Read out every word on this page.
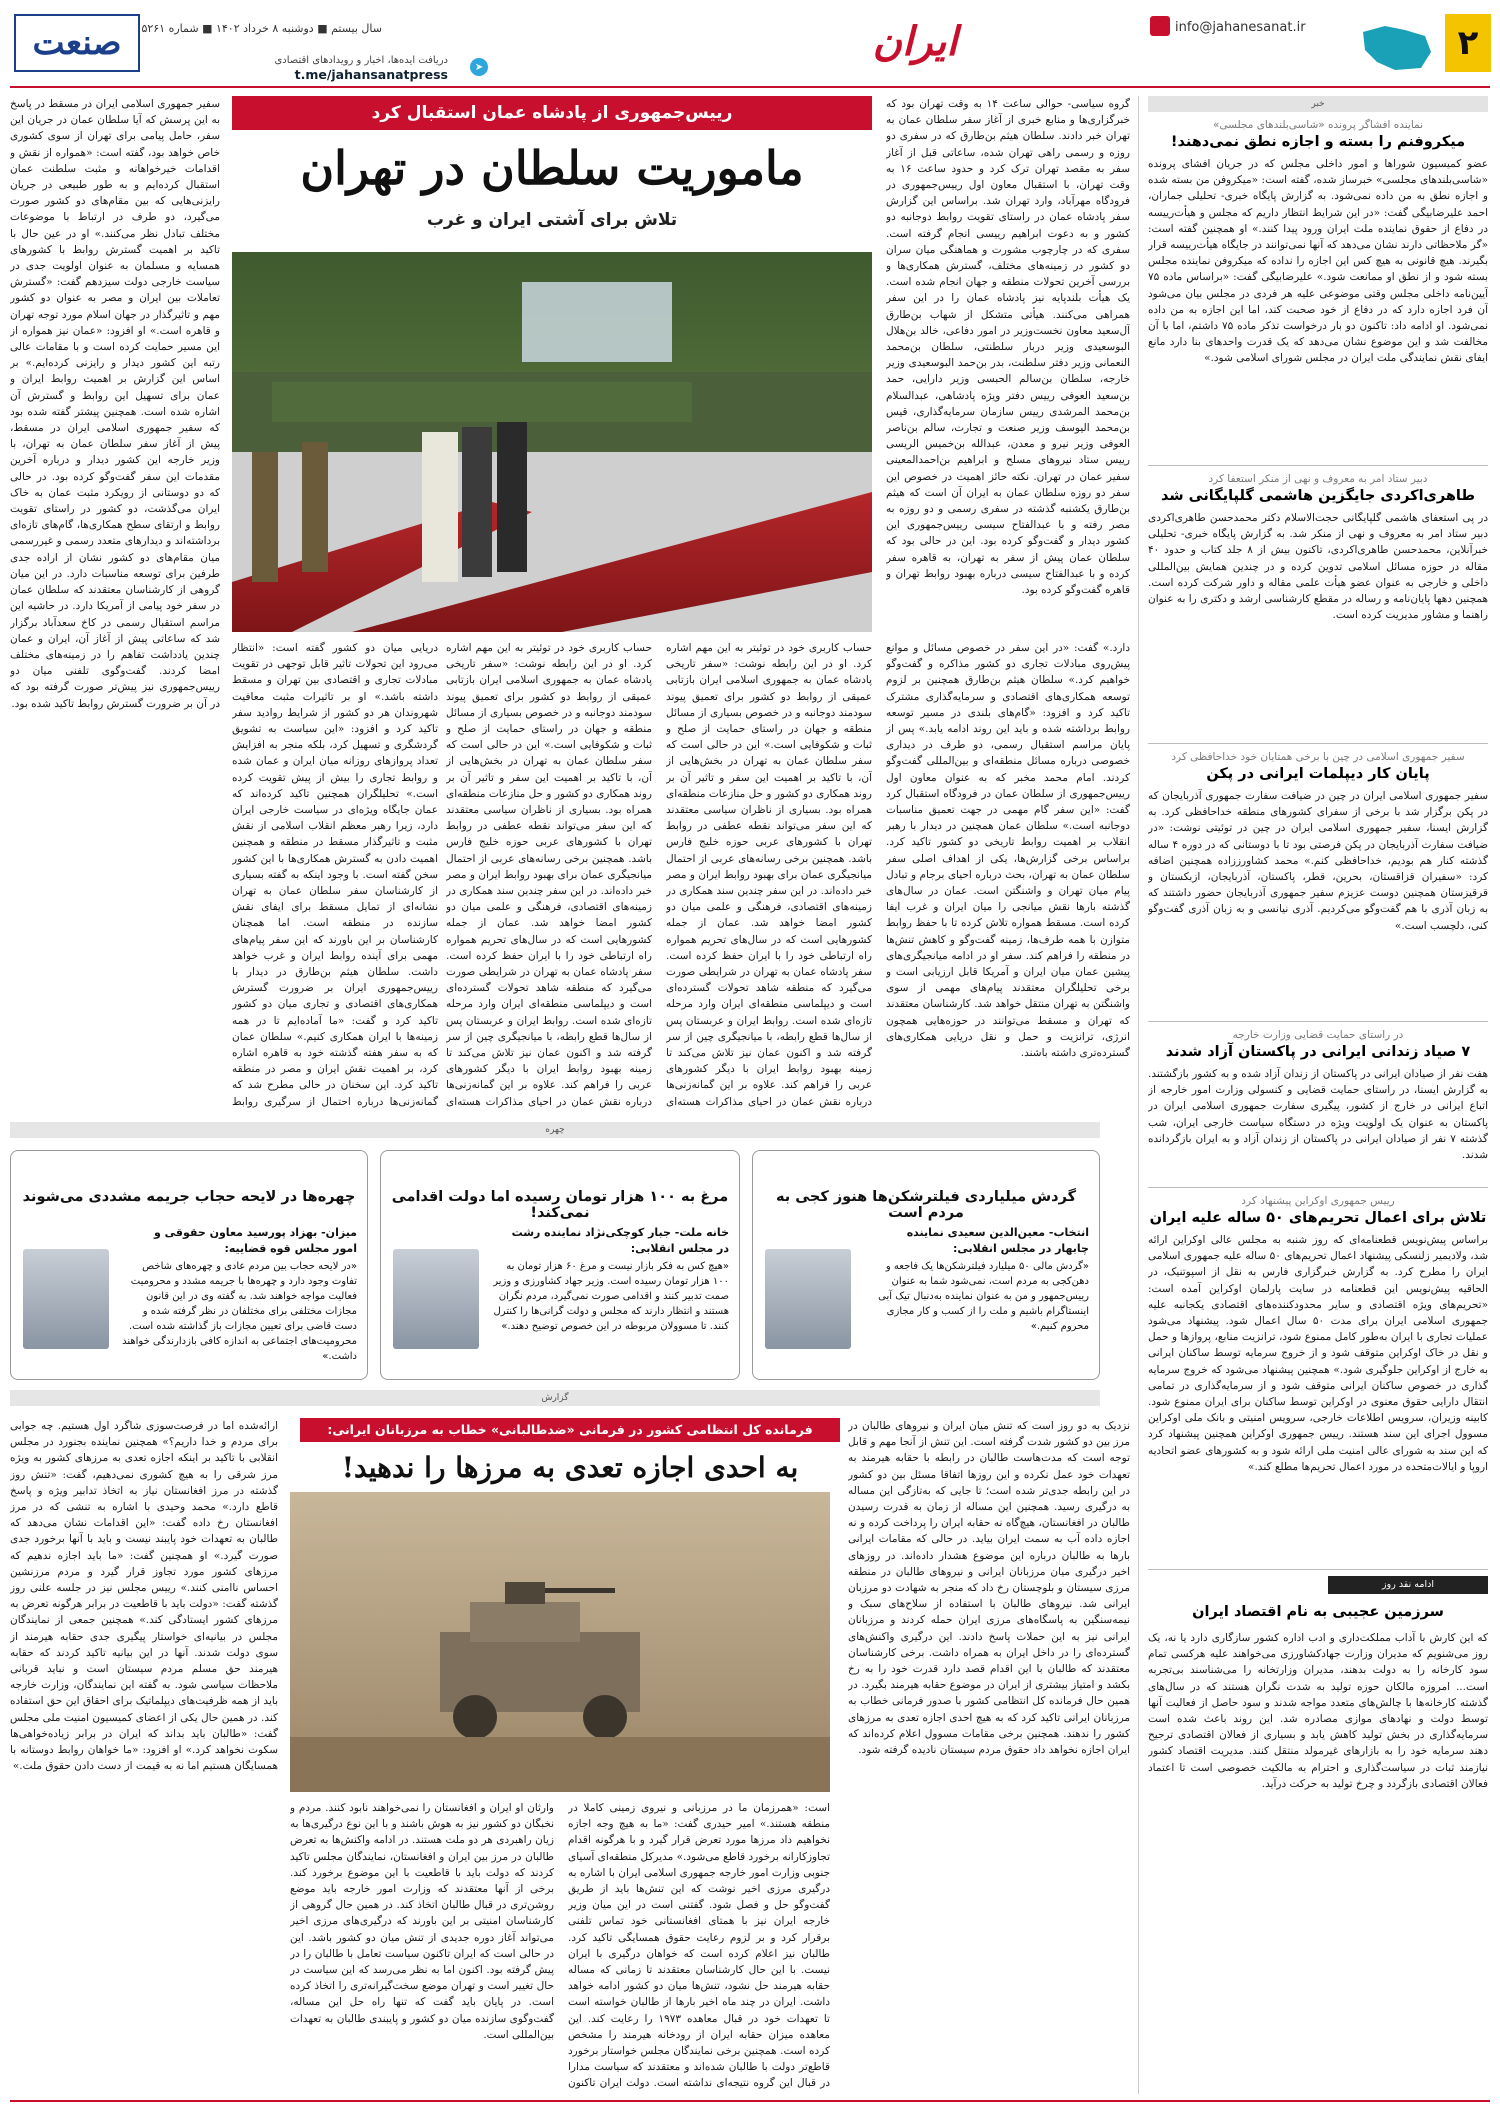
صنعت سال بیستم ■ دوشنبه ۸ خرداد ۱۴۰۲ ■ شماره ۵۲۶۱
دریافت ایده‌ها، اخبار و رویدادهای اقتصادی
t.me/jahansanatpress	➤
ایران	info@jahanesanat.ir	۲
خبر
نماینده افشاگر پرونده «شاسی‌بلندهای مجلسی»
میکروفنم را بسته و اجازه نطق نمی‌دهند!
عضو کمیسیون شوراها و امور داخلی مجلس که در جریان افشای پرونده «شاسی‌بلندهای مجلسی» خبرساز شده، گفته است: «میکروفن من بسته شده و اجازه نطق به من داده نمی‌شود. به گزارش پایگاه خبری- تحلیلی جماران، احمد علیرضابیگی گفت: «در این شرایط انتظار داریم که مجلس و هیأت‌رییسه در دفاع از حقوق نماینده ملت ایران ورود پیدا کنند.» او همچنین گفته است: «گر ملاحظاتی دارند نشان می‌دهد که آنها نمی‌توانند در جایگاه هیأت‌رییسه قرار بگیرند. هیچ قانونی به هیچ کس این اجازه را نداده که میکروفن نماینده مجلس بسته شود و از نطق او ممانعت شود.» علیرضابیگی گفت: «براساس ماده ۷۵ آیین‌نامه داخلی مجلس وقتی موضوعی علیه هر فردی در مجلس بیان می‌شود آن فرد اجازه دارد که در دفاع از خود صحبت کند، اما این اجازه به من داده نمی‌شود. او ادامه داد: تاکنون دو بار درخواست تذکر ماده ۷۵ داشتم، اما با آن مخالفت شد و این موضوع نشان می‌دهد که یک قدرت واحدهای بنا دارد مانع ایفای نقش نمایندگی ملت ایران در مجلس شورای اسلامی شود.»
دبیر ستاد امر به معروف و نهی از منکر استعفا کرد
طاهری‌اکردی جایگزین هاشمی گلپایگانی شد
در پی استعفای هاشمی گلپایگانی حجت‌الاسلام دکتر محمدحسن طاهری‌اکردی دبیر ستاد امر به معروف و نهی از منکر شد. به گزارش پایگاه خبری- تحلیلی خبرآنلاین، محمدحسن طاهری‌اکردی، تاکنون بیش از ۸ جلد کتاب و حدود ۴۰ مقاله در حوزه مسائل اسلامی تدوین کرده و در چندین همایش بین‌المللی داخلی و خارجی به عنوان عضو هیأت علمی مقاله و داور شرکت کرده است. همچنین دهها پایان‌نامه و رساله در مقطع کارشناسی ارشد و دکتری را به عنوان راهنما و مشاور مدیریت کرده است.
سفیر جمهوری اسلامی در چین با برخی همتایان خود خداحافظی کرد
پایان کار دیپلمات ایرانی در پکن
سفیر جمهوری اسلامی ایران در چین در ضیافت سفارت جمهوری آذربایجان که در پکن برگزار شد با برخی از سفرای کشورهای منطقه خداحافظی کرد. به گزارش ایسنا، سفیر جمهوری اسلامی ایران در چین در توئیتی نوشت: «در ضیافت سفارت آذربایجان در پکن فرصتی بود تا با دوستانی که در دوره ۴ ساله گذشته کنار هم بودیم، خداحافظی کنم.» محمد کشاورززاده همچنین اضافه کرد: «سفیران قزاقستان، بحرین، قطر، پاکستان، آذربایجان، ازبکستان و قرقیزستان همچنین دوست عزیزم سفیر جمهوری آذربایجان حضور داشتند که به زبان آذری با هم گفت‌وگو می‌کردیم. آذری نیانسی و به زبان آذری گفت‌وگو کنی، دلچسب است.»
در راستای حمایت قضایی وزارت خارجه
۷ صیاد زندانی ایرانی در پاکستان آزاد شدند
هفت نفر از صیادان ایرانی در پاکستان از زندان آزاد شده و به کشور بازگشتند. به گزارش ایسنا، در راستای حمایت قضایی و کنسولی وزارت امور خارجه از اتباع ایرانی در خارج از کشور، پیگیری سفارت جمهوری اسلامی ایران در پاکستان به عنوان یک اولویت ویژه در دستگاه سیاست خارجی ایران، شب گذشته ۷ نفر از صیادان ایرانی در پاکستان از زندان آزاد و به ایران بازگردانده شدند.
رییس جمهوری اوکراین پیشنهاد کرد
تلاش برای اعمال تحریم‌های ۵۰ ساله علیه ایران
براساس پیش‌نویس قطعنامه‌ای که روز شنبه به مجلس عالی اوکراین ارائه شد، ولادیمیر زلنسکی پیشنهاد اعمال تحریم‌های ۵۰ ساله علیه جمهوری اسلامی ایران را مطرح کرد. به گزارش خبرگزاری فارس به نقل از اسپوتنیک، در الحاقیه پیش‌نویس این قطعنامه در سایت پارلمان اوکراین آمده است: «تحریم‌های ویژه اقتصادی و سایر محدودکننده‌های اقتصادی یکجانبه علیه جمهوری اسلامی ایران برای مدت ۵۰ سال اعمال شود. پیشنهاد می‌شود عملیات تجاری با ایران به‌طور کامل ممنوع شود، ترانزیت منابع، پروازها و حمل و نقل در خاک اوکراین متوقف شود و از خروج سرمایه توسط ساکنان ایرانی به خارج از اوکراین جلوگیری شود.» همچنین پیشنهاد می‌شود که خروج سرمایه گذاری در خصوص ساکنان ایرانی متوقف شود و از سرمایه‌گذاری در تمامی انتقال دارایی حقوق معنوی در اوکراین توسط ساکنان برای ایران ممنوع شود. کابینه وزیران، سرویس اطلاعات خارجی، سرویس امنیتی و بانک ملی اوکراین مسوول اجرای این سند هستند. رییس جمهوری اوکراین همچنین پیشنهاد کرد که این سند به شورای عالی امنیت ملی ارائه شود و به کشورهای عضو اتحادیه اروپا و ایالات‌متحده در مورد اعمال تحریم‌ها مطلع کند.»
ادامه نقد روز
سرزمین عجیبی به نام اقتصاد ایران
که این کارش با آداب مملکت‌داری و ادب اداره کشور سازگاری دارد یا نه، یک روز می‌شنویم که مدیران وزارت جهادکشاورزی می‌خواهند علیه هرکسی تمام سود کارخانه را به دولت بدهند، مدیران وزارتخانه را می‌شناسند بی‌تجربه است... امروزه مالکان حوزه تولید به شدت نگران هستند که در سال‌های گذشته کارخانه‌ها با چالش‌های متعدد مواجه شدند و سود حاصل از فعالیت آنها توسط دولت و نهادهای موازی مصادره شد. این روند باعث شده است سرمایه‌گذاری در بخش تولید کاهش یابد و بسیاری از فعالان اقتصادی ترجیح دهند سرمایه خود را به بازارهای غیرمولد منتقل کنند. مدیریت اقتصاد کشور نیازمند ثبات در سیاست‌گذاری و احترام به مالکیت خصوصی است تا اعتماد فعالان اقتصادی بازگردد و چرخ تولید به حرکت درآید.
گروه سیاسی- حوالی ساعت ۱۴ به وقت تهران بود که خبرگزاری‌ها و منابع خبری از آغاز سفر سلطان عمان به تهران خبر دادند. سلطان هیثم بن‌طارق که در سفری دو روزه و رسمی راهی تهران شده، ساعاتی قبل از آغاز سفر به مقصد تهران ترک کرد و حدود ساعت ۱۶ به وقت تهران، با استقبال معاون اول رییس‌جمهوری در فرودگاه مهرآباد، وارد تهران شد. براساس این گزارش سفر پادشاه عمان در راستای تقویت روابط دوجانبه دو کشور و به دعوت ابراهیم رییسی انجام گرفته است. سفری که در چارچوب مشورت و هماهنگی میان سران دو کشور در زمینه‌های مختلف، گسترش همکاری‌ها و بررسی آخرین تحولات منطقه و جهان انجام شده است. یک هیأت بلندپایه نیز پادشاه عمان را در این سفر همراهی می‌کنند. هیأتی متشکل از شهاب بن‌طارق آل‌سعید معاون نخست‌وزیر در امور دفاعی، خالد بن‌هلال البوسعیدی وزیر دربار سلطنتی، سلطان بن‌محمد النعمانی وزیر دفتر سلطنت، بدر بن‌حمد البوسعیدی وزیر خارجه، سلطان بن‌سالم الحبسی وزیر دارایی، حمد بن‌سعید العوفی رییس دفتر ویژه پادشاهی، عبدالسلام بن‌محمد المرشدی رییس سازمان سرمایه‌گذاری، قیس بن‌محمد الیوسف وزیر صنعت و تجارت، سالم بن‌ناصر العوفی وزیر نیرو و معدن، عبدالله بن‌خمیس الریسی رییس ستاد نیروهای مسلح و ابراهیم بن‌احمدالمعینی سفیر عمان در تهران. نکته حائز اهمیت در خصوص این سفر دو روزه سلطان عمان به ایران آن است که هیثم بن‌طارق یکشنبه گذشته در سفری رسمی و دو روزه به مصر رفته و با عبدالفتاح سیسی رییس‌جمهوری این کشور دیدار و گفت‌وگو کرده بود. این در حالی بود که سلطان عمان پیش از سفر به تهران، به قاهره سفر کرده و با عبدالفتاح سیسی درباره بهبود روابط تهران و قاهره گفت‌وگو کرده بود.
رییس‌جمهوری از پادشاه عمان استقبال کرد
ماموریت سلطان در تهران
تلاش برای آشتی ایران و غرب
دارد.» گفت: «در این سفر در خصوص مسائل و موانع پیش‌روی مبادلات تجاری دو کشور مذاکره و گفت‌وگو خواهیم کرد.» سلطان هیثم بن‌طارق همچنین بر لزوم توسعه همکاری‌های اقتصادی و سرمایه‌گذاری مشترک تاکید کرد و افزود: «گام‌های بلندی در مسیر توسعه روابط برداشته شده و باید این روند ادامه یابد.» پس از پایان مراسم استقبال رسمی، دو طرف در دیداری خصوصی درباره مسائل منطقه‌ای و بین‌المللی گفت‌وگو کردند. امام محمد مخبر که به عنوان معاون اول رییس‌جمهوری از سلطان عمان در فرودگاه استقبال کرد گفت: «این سفر گام مهمی در جهت تعمیق مناسبات دوجانبه است.» سلطان عمان همچنین در دیدار با رهبر انقلاب بر اهمیت روابط تاریخی دو کشور تاکید کرد. براساس برخی گزارش‌ها، یکی از اهداف اصلی سفر سلطان عمان به تهران، بحث درباره احیای برجام و تبادل پیام میان تهران و واشنگتن است. عمان در سال‌های گذشته بارها نقش میانجی را میان ایران و غرب ایفا کرده است. مسقط همواره تلاش کرده تا با حفظ روابط متوازن با همه طرف‌ها، زمینه گفت‌وگو و کاهش تنش‌ها در منطقه را فراهم کند. سفر او در ادامه میانجیگری‌های پیشین عمان میان ایران و آمریکا قابل ارزیابی است و برخی تحلیلگران معتقدند پیام‌های مهمی از سوی واشنگتن به تهران منتقل خواهد شد. کارشناسان معتقدند که تهران و مسقط می‌توانند در حوزه‌هایی همچون انرژی، ترانزیت و حمل و نقل دریایی همکاری‌های گسترده‌تری داشته باشند.
حساب کاربری خود در توئیتر به این مهم اشاره کرد. او در این رابطه نوشت: «سفر تاریخی پادشاه عمان به جمهوری اسلامی ایران بازتابی عمیقی از روابط دو کشور برای تعمیق پیوند سودمند دوجانبه و در خصوص بسیاری از مسائل منطقه و جهان در راستای حمایت از صلح و ثبات و شکوفایی است.» این در حالی است که سفر سلطان عمان به تهران در بخش‌هایی از آن، با تاکید بر اهمیت این سفر و تاثیر آن بر روند همکاری دو کشور و حل منازعات منطقه‌ای همراه بود. بسیاری از ناظران سیاسی معتقدند که این سفر می‌تواند نقطه عطفی در روابط تهران با کشورهای عربی حوزه خلیج فارس باشد. همچنین برخی رسانه‌های عربی از احتمال میانجیگری عمان برای بهبود روابط ایران و مصر خبر داده‌اند. در این سفر چندین سند همکاری در زمینه‌های اقتصادی، فرهنگی و علمی میان دو کشور امضا خواهد شد. عمان از جمله کشورهایی است که در سال‌های تحریم همواره راه ارتباطی خود را با ایران حفظ کرده است. سفر پادشاه عمان به تهران در شرایطی صورت می‌گیرد که منطقه شاهد تحولات گسترده‌ای است و دیپلماسی منطقه‌ای ایران وارد مرحله تازه‌ای شده است. روابط ایران و عربستان پس از سال‌ها قطع رابطه، با میانجیگری چین از سر گرفته شد و اکنون عمان نیز تلاش می‌کند تا زمینه بهبود روابط ایران با دیگر کشورهای عربی را فراهم کند. علاوه بر این گمانه‌زنی‌ها درباره نقش عمان در احیای مذاکرات هسته‌ای
حساب کاربری خود در توئیتر به این مهم اشاره کرد. او در این رابطه نوشت: «سفر تاریخی پادشاه عمان به جمهوری اسلامی ایران بازتابی عمیقی از روابط دو کشور برای تعمیق پیوند سودمند دوجانبه و در خصوص بسیاری از مسائل منطقه و جهان در راستای حمایت از صلح و ثبات و شکوفایی است.» این در حالی است که سفر سلطان عمان به تهران در بخش‌هایی از آن، با تاکید بر اهمیت این سفر و تاثیر آن بر روند همکاری دو کشور و حل منازعات منطقه‌ای همراه بود. بسیاری از ناظران سیاسی معتقدند که این سفر می‌تواند نقطه عطفی در روابط تهران با کشورهای عربی حوزه خلیج فارس باشد. همچنین برخی رسانه‌های عربی از احتمال میانجیگری عمان برای بهبود روابط ایران و مصر خبر داده‌اند. در این سفر چندین سند همکاری در زمینه‌های اقتصادی، فرهنگی و علمی میان دو کشور امضا خواهد شد. عمان از جمله کشورهایی است که در سال‌های تحریم همواره راه ارتباطی خود را با ایران حفظ کرده است. سفر پادشاه عمان به تهران در شرایطی صورت می‌گیرد که منطقه شاهد تحولات گسترده‌ای است و دیپلماسی منطقه‌ای ایران وارد مرحله تازه‌ای شده است. روابط ایران و عربستان پس از سال‌ها قطع رابطه، با میانجیگری چین از سر گرفته شد و اکنون عمان نیز تلاش می‌کند تا زمینه بهبود روابط ایران با دیگر کشورهای عربی را فراهم کند. علاوه بر این گمانه‌زنی‌ها درباره نقش عمان در احیای مذاکرات هسته‌ای
دریایی میان دو کشور گفته است: «انتظار می‌رود این تحولات تاثیر قابل توجهی در تقویت مبادلات تجاری و اقتصادی بین تهران و مسقط داشته باشد.» او بر تاثیرات مثبت معافیت شهروندان هر دو کشور از شرایط روادید سفر تاکید کرد و افزود: «این سیاست به تشویق گردشگری و تسهیل کرد، بلکه منجر به افزایش تعداد پروازهای روزانه میان ایران و عمان شده و روابط تجاری را بیش از پیش تقویت کرده است.» تحلیلگران همچنین تاکید کرده‌اند که عمان جایگاه ویژه‌ای در سیاست خارجی ایران دارد، زیرا رهبر معظم انقلاب اسلامی از نقش مثبت و تاثیرگذار مسقط در منطقه و همچنین اهمیت دادن به گسترش همکاری‌ها با این کشور سخن گفته است. با وجود اینکه به گفته بسیاری از کارشناسان سفر سلطان عمان به تهران نشانه‌ای از تمایل مسقط برای ایفای نقش سازنده در منطقه است. اما همچنان کارشناسان بر این باورند که این سفر پیام‌های مهمی برای آینده روابط ایران و غرب خواهد داشت. سلطان هیثم بن‌طارق در دیدار با رییس‌جمهوری ایران بر ضرورت گسترش همکاری‌های اقتصادی و تجاری میان دو کشور تاکید کرد و گفت: «ما آماده‌ایم تا در همه زمینه‌ها با ایران همکاری کنیم.» سلطان عمان که به سفر هفته گذشته خود به قاهره اشاره کرد، بر اهمیت نقش ایران و مصر در منطقه تاکید کرد. این سخنان در حالی مطرح شد که گمانه‌زنی‌ها درباره احتمال از سرگیری روابط
سفیر جمهوری اسلامی ایران در مسقط در پاسخ به این پرسش که آیا سلطان عمان در جریان این سفر، حامل پیامی برای تهران از سوی کشوری خاص خواهد بود، گفته است: «همواره از نقش و اقدامات خیرخواهانه و مثبت سلطنت عمان استقبال کرده‌ایم و به طور طبیعی در جریان رایزنی‌هایی که بین مقام‌های دو کشور صورت می‌گیرد، دو طرف در ارتباط با موضوعات مختلف تبادل نظر می‌کنند.» او در عین حال با تاکید بر اهمیت گسترش روابط با کشورهای همسایه و مسلمان به عنوان اولویت جدی در سیاست خارجی دولت سیزدهم گفت: «گسترش تعاملات بین ایران و مصر به عنوان دو کشور مهم و تاثیرگذار در جهان اسلام مورد توجه تهران و قاهره است.» او افزود: «عمان نیز همواره از این مسیر حمایت کرده است و با مقامات عالی رتبه این کشور دیدار و رایزنی کرده‌ایم.» بر اساس این گزارش بر اهمیت روابط ایران و عمان برای تسهیل این روابط و گسترش آن اشاره شده است. همچنین پیشتر گفته شده بود که سفیر جمهوری اسلامی ایران در مسقط، پیش از آغاز سفر سلطان عمان به تهران، با وزیر خارجه این کشور دیدار و درباره آخرین مقدمات این سفر گفت‌وگو کرده بود. در حالی که دو دوستانی از رویکرد مثبت عمان به خاک ایران می‌گذشت، دو کشور در راستای تقویت روابط و ارتقای سطح همکاری‌ها، گام‌های تازه‌ای برداشته‌اند و دیدارهای متعدد رسمی و غیررسمی میان مقام‌های دو کشور نشان از اراده جدی طرفین برای توسعه مناسبات دارد. در این میان گروهی از کارشناسان معتقدند که سلطان عمان در سفر خود پیامی از آمریکا دارد. در حاشیه این مراسم استقبال رسمی در کاخ سعدآباد برگزار شد که ساعاتی پیش از آغاز آن، ایران و عمان چندین یادداشت تفاهم را در زمینه‌های مختلف امضا کردند. گفت‌وگوی تلفنی میان دو رییس‌جمهوری نیز پیش‌تر صورت گرفته بود که در آن بر ضرورت گسترش روابط تاکید شده بود.
چهره
گردش میلیاردی فیلترشکن‌ها هنوز کجی به مردم است
انتخاب- معین‌الدین سعیدی نماینده چابهار در مجلس انقلابی:
«گردش مالی ۵۰ میلیارد فیلترشکن‌ها یک فاجعه و دهن‌کجی به مردم است، نمی‌شود شما به عنوان رییس‌جمهور و من به عنوان نماینده به‌دنبال تیک آبی اینستاگرام باشیم و ملت را از کسب و کار مجازی محروم کنیم.»
مرغ به ۱۰۰ هزار تومان رسیده اما دولت اقدامی نمی‌کند!
خانه ملت- جبار کوچکی‌نژاد نماینده رشت در مجلس انقلابی:
«هیچ کس به فکر بازار نیست و مرغ ۶۰ هزار تومان به ۱۰۰ هزار تومان رسیده است. وزیر جهاد کشاورزی و وزیر صمت تدبیر کنند و اقدامی صورت نمی‌گیرد، مردم نگران هستند و انتظار دارند که مجلس و دولت گرانی‌ها را کنترل کنند. تا مسوولان مربوطه در این خصوص توضیح دهند.»
چهره‌ها در لایحه حجاب جریمه مشددی می‌شوند
میزان- بهزاد پورسید معاون حقوقی و امور مجلس قوه قضاییه:
«در لایحه حجاب بین مردم عادی و چهره‌های شاخص تفاوت وجود دارد و چهره‌ها با جریمه مشدد و محرومیت فعالیت مواجه خواهند شد. به گفته وی در این قانون مجازات مختلفی برای مختلفان در نظر گرفته شده و دست قاضی برای تعیین مجازات باز گذاشته شده است. محرومیت‌های اجتماعی به اندازه کافی بازدارندگی خواهند داشت.»
گزارش
نزدیک به دو روز است که تنش میان ایران و نیروهای طالبان در مرز بین دو کشور شدت گرفته است. این تنش از آنجا مهم و قابل توجه است که مدت‌هاست طالبان در رابطه با حقابه هیرمند به تعهدات خود عمل نکرده و این روزها اتفاقا مسئل بین دو کشور در این رابطه جدی‌تر شده است؛ تا جایی که به‌تازگی این مساله به درگیری رسید. همچنین این مساله از زمان به قدرت رسیدن طالبان در افغانستان، هیچ‌گاه نه حقابه ایران را پرداخت کرده و نه اجازه داده آب به سمت ایران بیاید. در حالی که مقامات ایرانی بارها به طالبان درباره این موضوع هشدار داده‌اند. در روزهای اخیر درگیری میان مرزبانان ایرانی و نیروهای طالبان در منطقه مرزی سیستان و بلوچستان رخ داد که منجر به شهادت دو مرزبان ایرانی شد. نیروهای طالبان با استفاده از سلاح‌های سبک و نیمه‌سنگین به پاسگاه‌های مرزی ایران حمله کردند و مرزبانان ایرانی نیز به این حملات پاسخ دادند. این درگیری واکنش‌های گسترده‌ای را در داخل ایران به همراه داشت. برخی کارشناسان معتقدند که طالبان با این اقدام قصد دارد قدرت خود را به رخ بکشد و امتیاز بیشتری از ایران در موضوع حقابه هیرمند بگیرد. در همین حال فرمانده کل انتظامی کشور با صدور فرمانی خطاب به مرزبانان ایرانی تاکید کرد که به هیچ احدی اجازه تعدی به مرزهای کشور را ندهند. همچنین برخی مقامات مسوول اعلام کرده‌اند که ایران اجازه نخواهد داد حقوق مردم سیستان نادیده گرفته شود.
فرمانده کل انتظامی کشور در فرمانی «ضدطالبانی» خطاب به مرزبانان ایرانی:
به احدی اجازه تعدی به مرزها را ندهید!
است: «همرزمان ما در مرزبانی و نیروی زمینی کاملا در منطقه هستند.» امیر حیدری گفت: «ما به هیچ وجه اجازه نخواهیم داد مرزها مورد تعرض قرار گیرد و با هرگونه اقدام تجاوزکارانه برخورد قاطع می‌شود.» مدیرکل منطقه‌ای آسیای جنوبی وزارت امور خارجه جمهوری اسلامی ایران با اشاره به درگیری مرزی اخیر نوشت که این تنش‌ها باید از طریق گفت‌وگو حل و فصل شود. گفتنی است در این میان وزیر خارجه ایران نیز با همتای افغانستانی خود تماس تلفنی برقرار کرد و بر لزوم رعایت حقوق همسایگی تاکید کرد. طالبان نیز اعلام کرده است که خواهان درگیری با ایران نیست. با این حال کارشناسان معتقدند تا زمانی که مساله حقابه هیرمند حل نشود، تنش‌ها میان دو کشور ادامه خواهد داشت. ایران در چند ماه اخیر بارها از طالبان خواسته است تا تعهدات خود در قبال معاهده ۱۹۷۳ را رعایت کند. این معاهده میزان حقابه ایران از رودخانه هیرمند را مشخص کرده است. همچنین برخی نمایندگان مجلس خواستار برخورد قاطع‌تر دولت با طالبان شده‌اند و معتقدند که سیاست مدارا در قبال این گروه نتیجه‌ای نداشته است. دولت ایران تاکنون
وارثان او ایران و افغانستان را نمی‌خواهند نابود کنند. مردم و نخبگان دو کشور نیز به هوش باشند و با این نوع درگیری‌ها به زیان راهبردی هر دو ملت هستند. در ادامه واکنش‌ها به تعرض طالبان در مرز بین ایران و افغانستان، نمایندگان مجلس تاکید کردند که دولت باید با قاطعیت با این موضوع برخورد کند. برخی از آنها معتقدند که وزارت امور خارجه باید موضع روشن‌تری در قبال طالبان اتخاذ کند. در همین حال گروهی از کارشناسان امنیتی بر این باورند که درگیری‌های مرزی اخیر می‌تواند آغاز دوره جدیدی از تنش میان دو کشور باشد. این در حالی است که ایران تاکنون سیاست تعامل با طالبان را در پیش گرفته بود. اکنون اما به نظر می‌رسد که این سیاست در حال تغییر است و تهران موضع سخت‌گیرانه‌تری را اتخاذ کرده است. در پایان باید گفت که تنها راه حل این مساله، گفت‌وگوی سازنده میان دو کشور و پایبندی طالبان به تعهدات بین‌المللی است.
ارائه‌شده اما در فرصت‌سوزی شاگرد اول هستیم. چه جوابی برای مردم و خدا داریم؟» همچنین نماینده بجنورد در مجلس انقلابی با تاکید بر اینکه اجازه تعدی به مرزهای کشور به ویژه مرز شرقی را به هیچ کشوری نمی‌دهیم، گفت: «تنش روز گذشته در مرز افغانستان نیاز به اتخاذ تدابیر ویژه و پاسخ قاطع دارد.» محمد وحیدی با اشاره به تنشی که در مرز افغانستان رخ داده گفت: «این اقدامات نشان می‌دهد که طالبان به تعهدات خود پایبند نیست و باید با آنها برخورد جدی صورت گیرد.» او همچنین گفت: «ما باید اجازه ندهیم که مرزهای کشور مورد تجاوز قرار گیرد و مردم مرزنشین احساس ناامنی کنند.» رییس مجلس نیز در جلسه علنی روز گذشته گفت: «دولت باید با قاطعیت در برابر هرگونه تعرض به مرزهای کشور ایستادگی کند.» همچنین جمعی از نمایندگان مجلس در بیانیه‌ای خواستار پیگیری جدی حقابه هیرمند از سوی دولت شدند. آنها در این بیانیه تاکید کردند که حقابه هیرمند حق مسلم مردم سیستان است و نباید قربانی ملاحظات سیاسی شود. به گفته این نمایندگان، وزارت خارجه باید از همه ظرفیت‌های دیپلماتیک برای احقاق این حق استفاده کند. در همین حال یکی از اعضای کمیسیون امنیت ملی مجلس گفت: «طالبان باید بداند که ایران در برابر زیاده‌خواهی‌ها سکوت نخواهد کرد.» او افزود: «ما خواهان روابط دوستانه با همسایگان هستیم اما نه به قیمت از دست دادن حقوق ملت.»
